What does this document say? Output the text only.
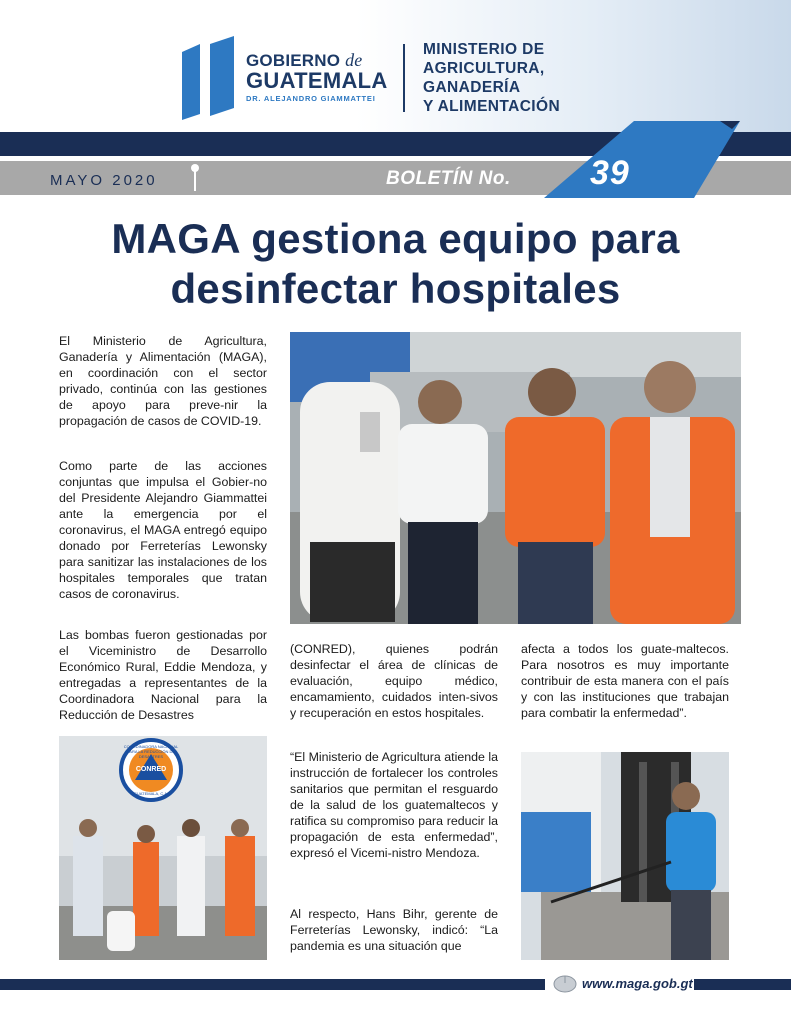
GOBIERNO de
GUATEMALA
DR. ALEJANDRO GIAMMATTEI
MINISTERIO DE
AGRICULTURA,
GANADERÍA
Y ALIMENTACIÓN
MAYO 2020	BOLETÍN No. 39
MAGA gestiona equipo para
desinfectar hospitales

El Ministerio de Agricultura, Ganadería y Alimentación (MAGA), en coordinación con el sector privado, continúa con las gestiones de apoyo para preve-nir la propagación de casos de COVID-19.

Como parte de las acciones conjuntas que impulsa el Gobier-no del Presidente Alejandro Giammattei ante la emergencia por el coronavirus, el MAGA entregó equipo donado por Ferreterías Lewonsky para sanitizar las instalaciones de los hospitales temporales que tratan casos de coronavirus.

Las bombas fueron gestionadas por el Viceministro de Desarrollo Económico Rural, Eddie Mendoza, y entregadas a representantes de la Coordinadora Nacional para la Reducción de Desastres

(CONRED), quienes podrán desinfectar el área de clínicas de evaluación, equipo médico, encamamiento, cuidados inten-sivos y recuperación en estos hospitales.

“El Ministerio de Agricultura atiende la instrucción de fortalecer los controles sanitarios que permitan el resguardo de la salud de los guatemaltecos y ratifica su compromiso para reducir la propagación de esta enfermedad”, expresó el Vicemi-nistro Mendoza.

Al respecto, Hans Bihr, gerente de Ferreterías Lewonsky, indicó: “La pandemia es una situación que

afecta a todos los guate-maltecos. Para nosotros es muy importante contribuir de esta manera con el país y con las instituciones que trabajan para combatir la enfermedad”.

COORDINADORA NACIONAL PARA LA REDUCCIÓN DE DESASTRES
CONRED
GUATEMALA, C.A.
www.maga.gob.gt
